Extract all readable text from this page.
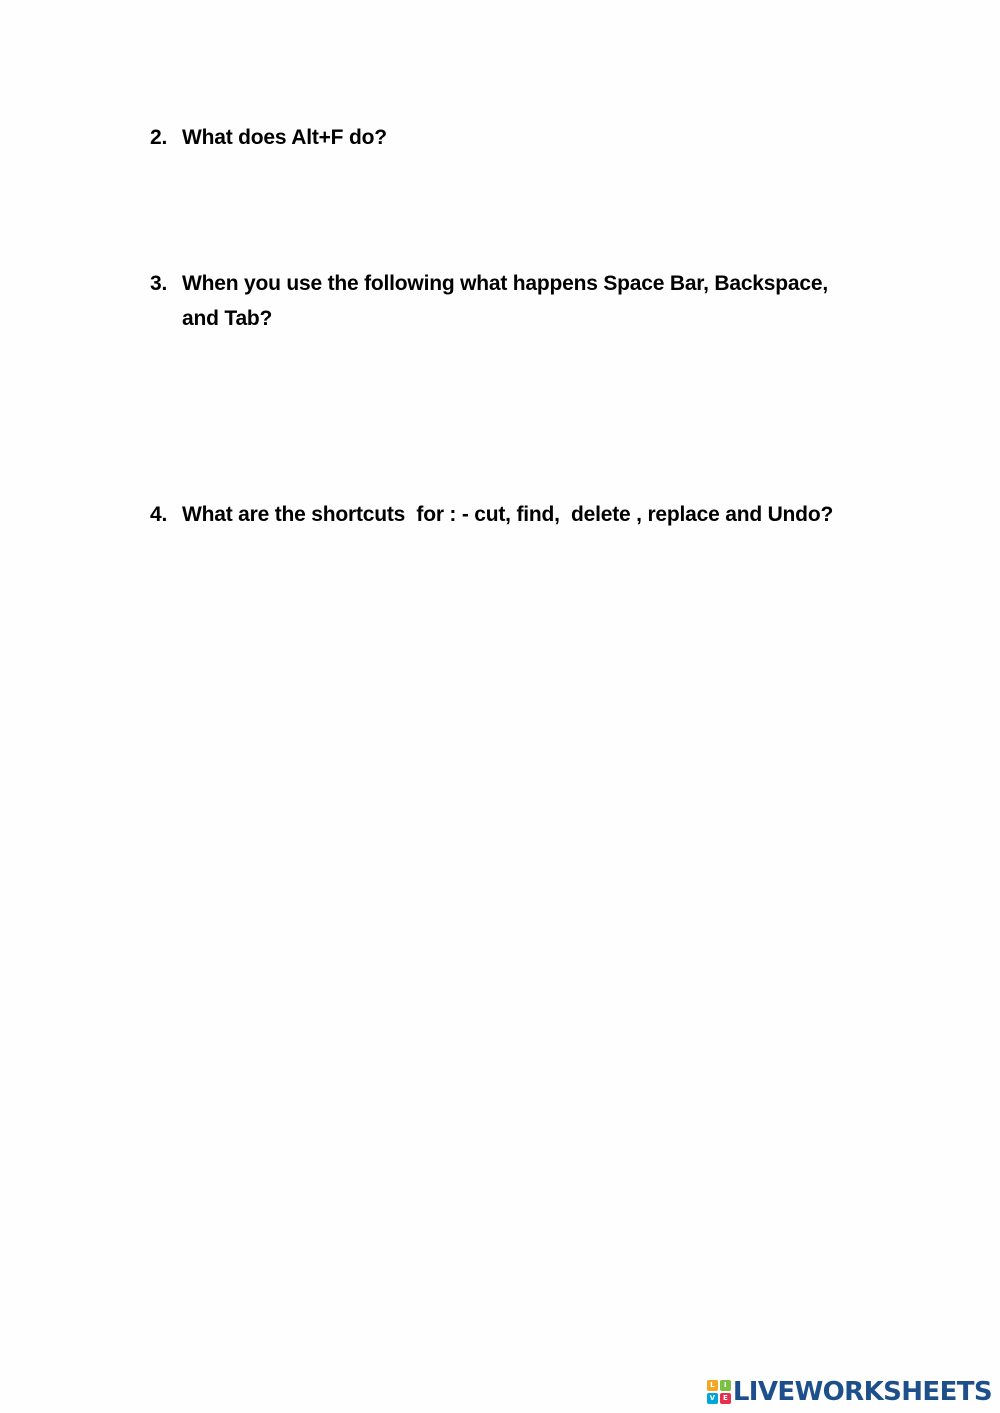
2. What does Alt+F do?
3. When you use the following what happens Space Bar, Backspace, and Tab?
4. What are the shortcuts  for : - cut, find,  delete , replace and Undo?
L	I
V	E LIVEWORKSHEETS
